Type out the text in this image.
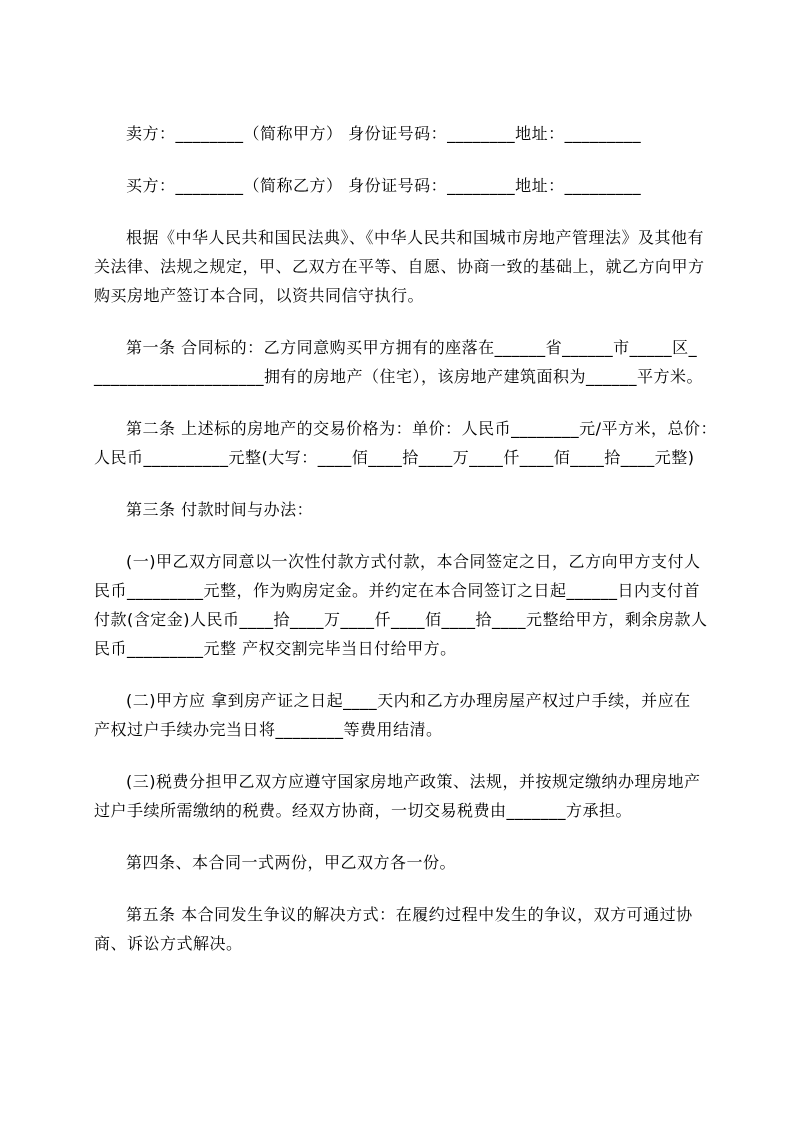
卖方：________（简称甲方） 身份证号码：________地址：_________
买方：________（简称乙方） 身份证号码：________地址：_________
根据《中华人民共和国民法典》、《中华人民共和国城市房地产管理法》及其他有
关法律、法规之规定，甲、乙双方在平等、自愿、协商一致的基础上，就乙方向甲方
购买房地产签订本合同，以资共同信守执行。
第一条 合同标的：乙方同意购买甲方拥有的座落在______省______市_____区_
____________________拥有的房地产（住宅），该房地产建筑面积为______平方米。
第二条 上述标的房地产的交易价格为：单价：人民币________元/平方米，总价：
人民币__________元整(大写：____佰____拾____万____仟____佰____拾____元整)
第三条 付款时间与办法：
(一)甲乙双方同意以一次性付款方式付款，本合同签定之日，乙方向甲方支付人
民币_________元整，作为购房定金。并约定在本合同签订之日起______日内支付首
付款(含定金)人民币____拾____万____仟____佰____拾____元整给甲方，剩余房款人
民币_________元整 产权交割完毕当日付给甲方。
(二)甲方应 拿到房产证之日起____天内和乙方办理房屋产权过户手续，并应在
产权过户手续办完当日将________等费用结清。
(三)税费分担甲乙双方应遵守国家房地产政策、法规，并按规定缴纳办理房地产
过户手续所需缴纳的税费。经双方协商，一切交易税费由_______方承担。
第四条、本合同一式两份，甲乙双方各一份。
第五条 本合同发生争议的解决方式：在履约过程中发生的争议，双方可通过协
商、诉讼方式解决。
